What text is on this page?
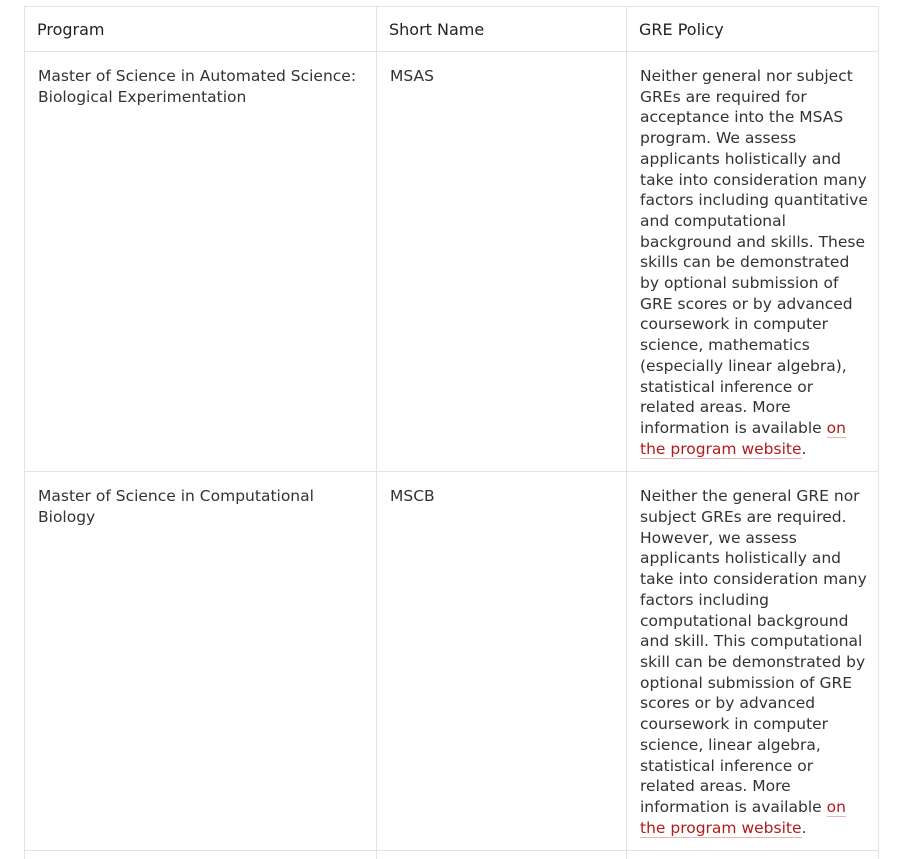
Program	Short Name	GRE Policy
Master of Science in Automated Science: Biological Experimentation	MSAS	Neither general nor subject GREs are required for acceptance into the MSAS program. We assess applicants holistically and take into consideration many factors including quantitative and computational background and skills. These skills can be demonstrated by optional submission of GRE scores or by advanced coursework in computer science, mathematics (especially linear algebra), statistical inference or related areas. More information is available on the program website.
Master of Science in Computational Biology	MSCB	Neither the general GRE nor subject GREs are required. However, we assess applicants holistically and take into consideration many factors including computational background and skill. This computational skill can be demonstrated by optional submission of GRE scores or by advanced coursework in computer science, linear algebra, statistical inference or related areas. More information is available on the program website.
